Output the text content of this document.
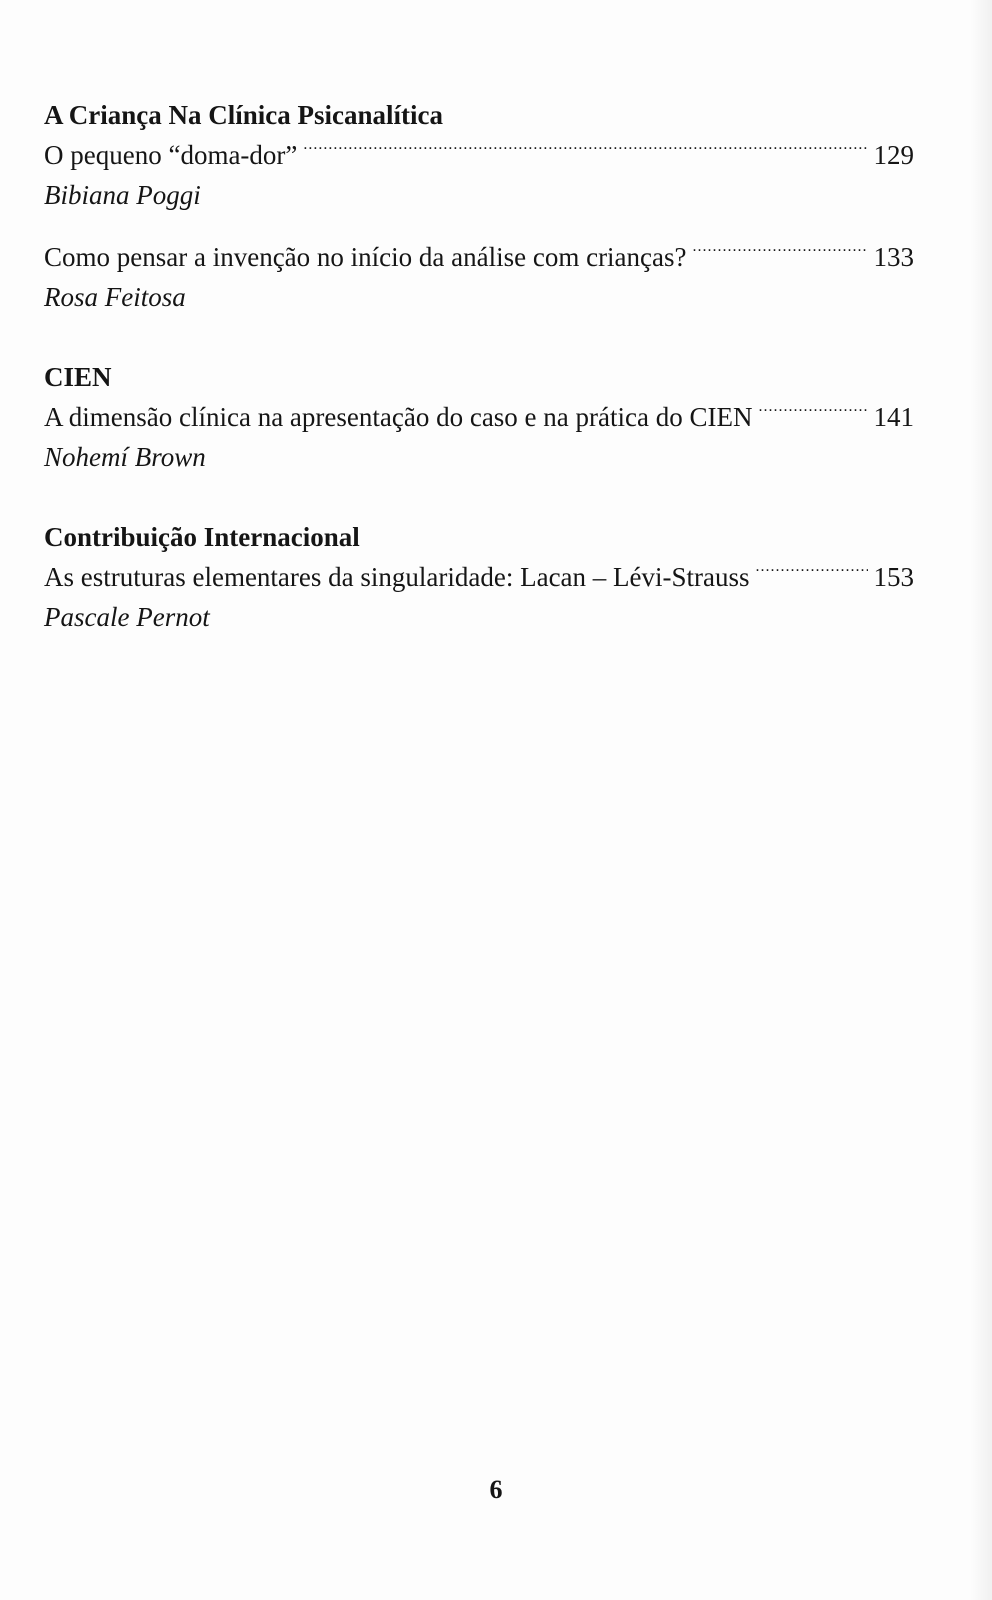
A Criança Na Clínica Psicanalítica
O pequeno “doma-dor” .....	129
Bibiana Poggi
Como pensar a invenção no início da análise com crianças? .....	133
Rosa Feitosa
CIEN
A dimensão clínica na apresentação do caso e na prática do CIEN .....	141
Nohemí Brown
Contribuição Internacional
As estruturas elementares da singularidade: Lacan – Lévi-Strauss .....	153
Pascale Pernot
6
